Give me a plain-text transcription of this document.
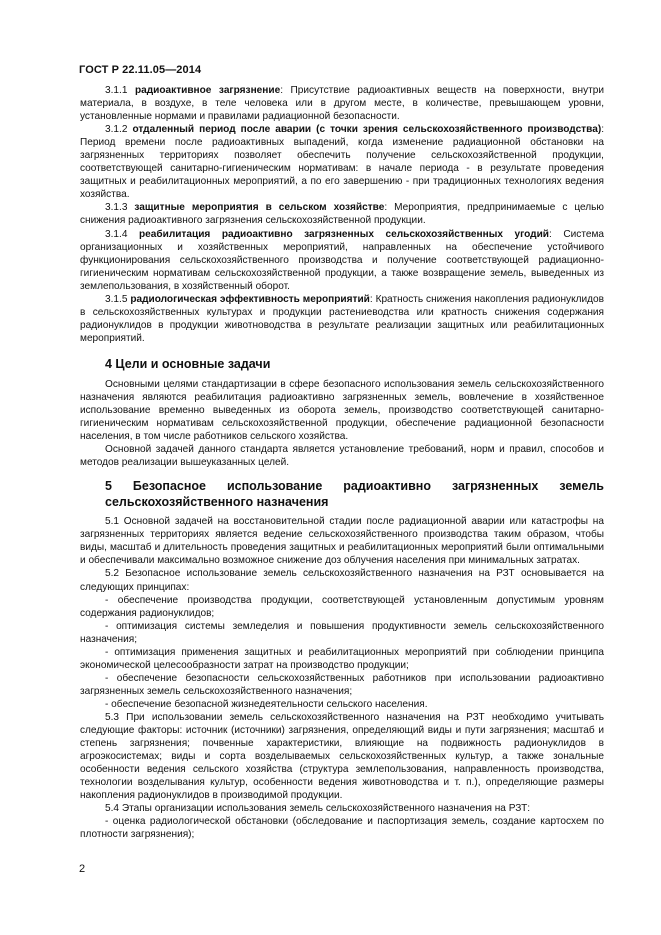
ГОСТ Р 22.11.05—2014

3.1.1 радиоактивное загрязнение: Присутствие радиоактивных веществ на поверхности, внутри материала, в воздухе, в теле человека или в другом месте, в количестве, превышающем уровни, установленные нормами и правилами радиационной безопасности.

3.1.2 отдаленный период после аварии (с точки зрения сельскохозяйственного производства): Период времени после радиоактивных выпадений, когда изменение радиационной обстановки на загрязненных территориях позволяет обеспечить получение сельскохозяйственной продукции, соответствующей санитарно-гигиеническим нормативам: в начале периода - в результате проведения защитных и реабилитационных мероприятий, а по его завершению - при традиционных технологиях ведения хозяйства.

3.1.3 защитные мероприятия в сельском хозяйстве: Мероприятия, предпринимаемые с целью снижения радиоактивного загрязнения сельскохозяйственной продукции.

3.1.4 реабилитация радиоактивно загрязненных сельскохозяйственных угодий: Система организационных и хозяйственных мероприятий, направленных на обеспечение устойчивого функционирования сельскохозяйственного производства и получение соответствующей радиационно-гигиеническим нормативам сельскохозяйственной продукции, а также возвращение земель, выведенных из землепользования, в хозяйственный оборот.

3.1.5 радиологическая эффективность мероприятий: Кратность снижения накопления радионуклидов в сельскохозяйственных культурах и продукции растениеводства или кратность снижения содержания радионуклидов в продукции животноводства в результате реализации защитных или реабилитационных мероприятий.

4 Цели и основные задачи

Основными целями стандартизации в сфере безопасного использования земель сельскохозяйственного назначения являются реабилитация радиоактивно загрязненных земель, вовлечение в хозяйственное использование временно выведенных из оборота земель, производство соответствующей санитарно-гигиеническим нормативам сельскохозяйственной продукции, обеспечение радиационной безопасности населения, в том числе работников сельского хозяйства.

Основной задачей данного стандарта является установление требований, норм и правил, способов и методов реализации вышеуказанных целей.

5 Безопасное использование радиоактивно загрязненных земель сельскохозяйственного назначения

5.1 Основной задачей на восстановительной стадии после радиационной аварии или катастрофы на загрязненных территориях является ведение сельскохозяйственного производства таким образом, чтобы виды, масштаб и длительность проведения защитных и реабилитационных мероприятий были оптимальными и обеспечивали максимально возможное снижение доз облучения населения при минимальных затратах.

5.2 Безопасное использование земель сельскохозяйственного назначения на РЗТ основывается на следующих принципах:

- обеспечение производства продукции, соответствующей установленным допустимым уровням содержания радионуклидов;

- оптимизация системы земледелия и повышения продуктивности земель сельскохозяйственного назначения;

- оптимизация применения защитных и реабилитационных мероприятий при соблюдении принципа экономической целесообразности затрат на производство продукции;

- обеспечение безопасности сельскохозяйственных работников при использовании радиоактивно загрязненных земель сельскохозяйственного назначения;

- обеспечение безопасной жизнедеятельности сельского населения.

5.3 При использовании земель сельскохозяйственного назначения на РЗТ необходимо учитывать следующие факторы: источник (источники) загрязнения, определяющий виды и пути загрязнения; масштаб и степень загрязнения; почвенные характеристики, влияющие на подвижность радионуклидов в агроэкосистемах; виды и сорта возделываемых сельскохозяйственных культур, а также зональные особенности ведения сельского хозяйства (структура землепользования, направленность производства, технологии возделывания культур, особенности ведения животноводства и т. п.), определяющие размеры накопления радионуклидов в производимой продукции.

5.4 Этапы организации использования земель сельскохозяйственного назначения на РЗТ:

- оценка радиологической обстановки (обследование и паспортизация земель, создание картосхем по плотности загрязнения);

2
